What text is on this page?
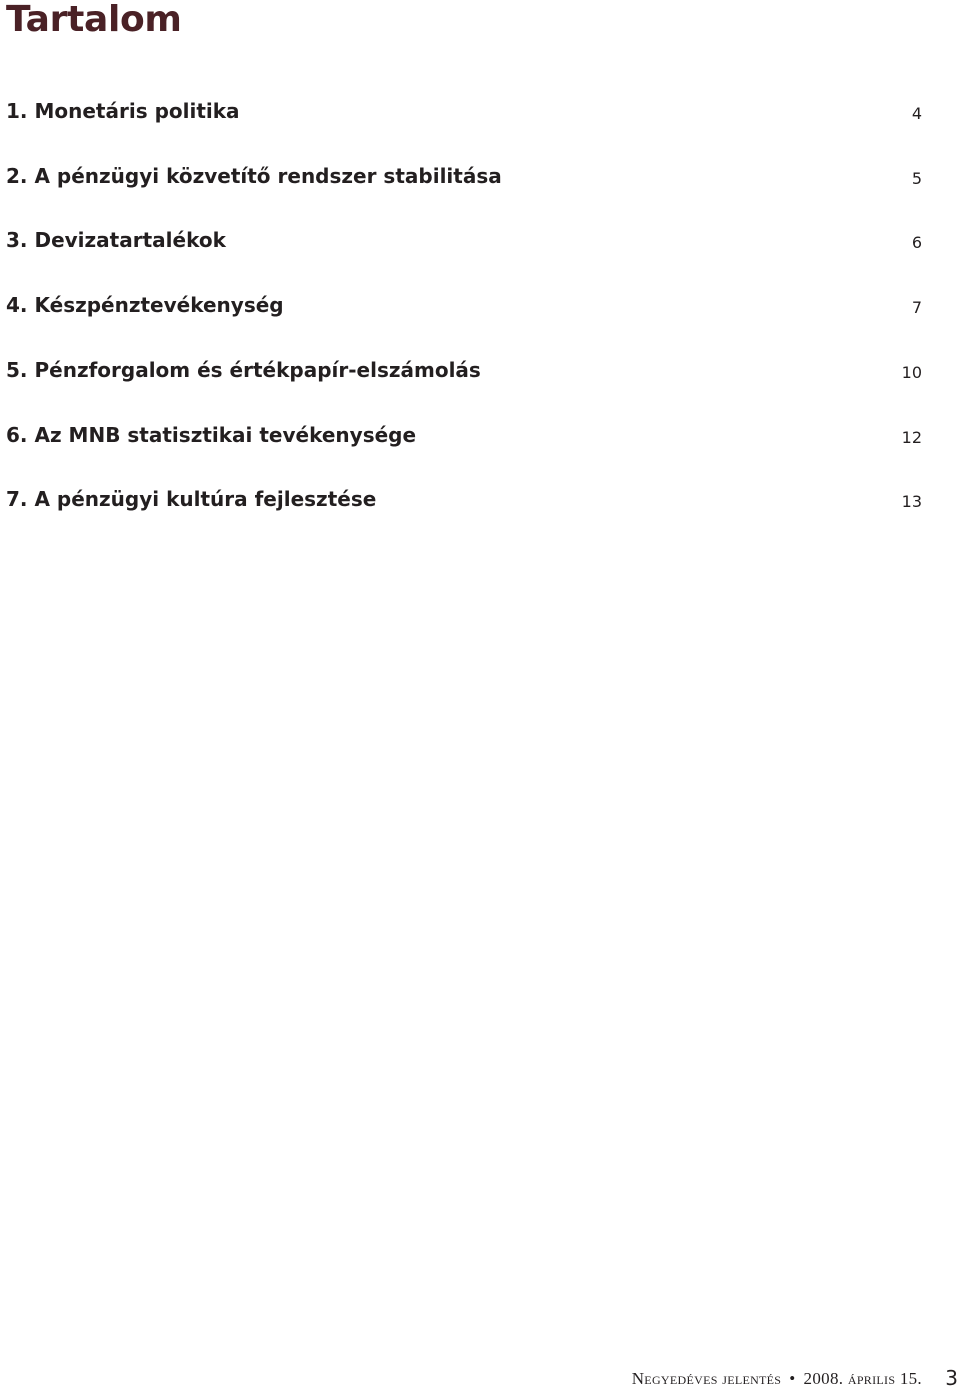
Tartalom
1. Monetáris politika	4
2. A pénzügyi közvetítő rendszer stabilitása	5
3. Devizatartalékok	6
4. Készpénztevékenység	7
5. Pénzforgalom és értékpapír-elszámolás	10
6. Az MNB statisztikai tevékenysége	12
7. A pénzügyi kultúra fejlesztése	13
Negyedéves jelentés • 2008. április 15. 3
